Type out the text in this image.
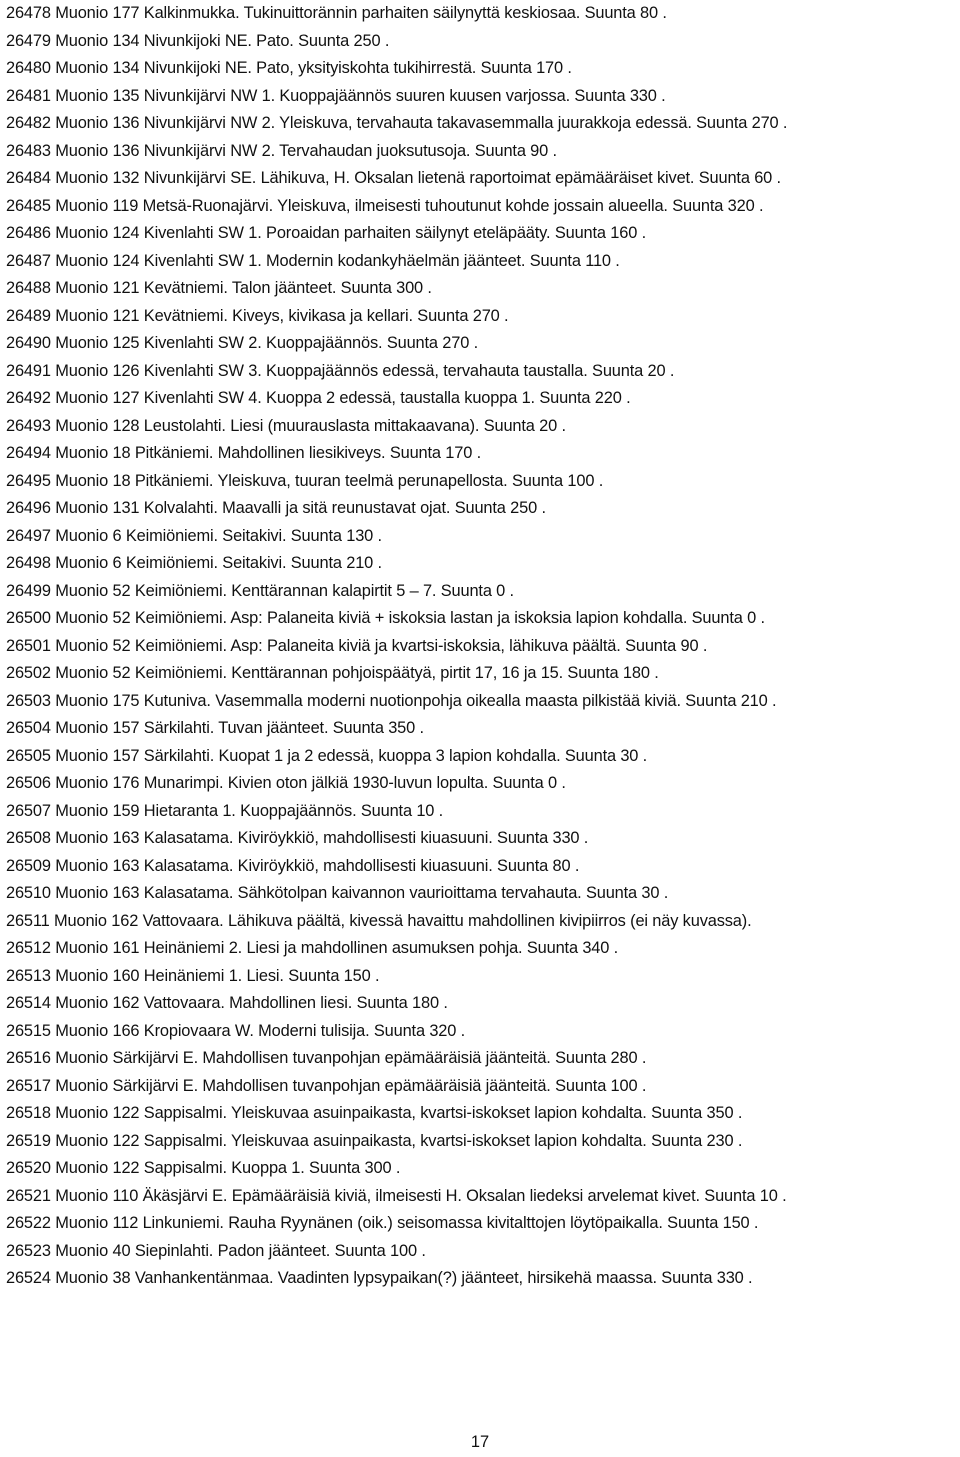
26478 Muonio 177 Kalkinmukka. Tukinuittorännin parhaiten säilynyttä keskiosaa. Suunta 80 .
26479 Muonio 134 Nivunkijoki NE. Pato. Suunta 250 .
26480 Muonio 134 Nivunkijoki NE. Pato, yksityiskohta tukihirrestä. Suunta 170 .
26481 Muonio 135 Nivunkijärvi NW 1. Kuoppajäännös suuren kuusen varjossa. Suunta 330 .
26482 Muonio 136 Nivunkijärvi NW 2. Yleiskuva, tervahauta takavasemmalla juurakkoja edessä. Suunta 270 .
26483 Muonio 136 Nivunkijärvi NW 2. Tervahaudan juoksutusoja. Suunta 90 .
26484 Muonio 132 Nivunkijärvi SE. Lähikuva, H. Oksalan lietenä raportoimat epämääräiset kivet. Suunta 60 .
26485 Muonio 119 Metsä-Ruonajärvi. Yleiskuva, ilmeisesti tuhoutunut kohde jossain alueella. Suunta 320 .
26486 Muonio 124 Kivenlahti SW 1. Poroaidan parhaiten säilynyt eteläpääty. Suunta 160 .
26487 Muonio 124 Kivenlahti SW 1. Modernin kodankyhäelmän jäänteet. Suunta 110 .
26488 Muonio 121 Kevätniemi. Talon jäänteet. Suunta 300 .
26489 Muonio 121 Kevätniemi. Kiveys, kivikasa ja kellari. Suunta 270 .
26490 Muonio 125 Kivenlahti SW 2. Kuoppajäännös. Suunta 270 .
26491 Muonio 126 Kivenlahti SW 3. Kuoppajäännös edessä, tervahauta taustalla. Suunta 20 .
26492 Muonio 127 Kivenlahti SW 4. Kuoppa 2 edessä, taustalla kuoppa 1. Suunta 220 .
26493 Muonio 128 Leustolahti. Liesi (muurauslasta mittakaavana). Suunta 20 .
26494 Muonio 18 Pitkäniemi. Mahdollinen liesikiveys. Suunta 170 .
26495 Muonio 18 Pitkäniemi. Yleiskuva, tuuran teelmä perunapellosta. Suunta 100 .
26496 Muonio 131 Kolvalahti. Maavalli ja sitä reunustavat ojat. Suunta 250 .
26497 Muonio 6 Keimiöniemi. Seitakivi. Suunta 130 .
26498 Muonio 6 Keimiöniemi. Seitakivi. Suunta 210 .
26499 Muonio 52 Keimiöniemi. Kenttärannan kalapirtit 5 – 7. Suunta 0 .
26500 Muonio 52 Keimiöniemi. Asp: Palaneita kiviä + iskoksia lastan ja iskoksia lapion kohdalla. Suunta 0 .
26501 Muonio 52 Keimiöniemi. Asp: Palaneita kiviä ja kvartsi-iskoksia, lähikuva päältä. Suunta 90 .
26502 Muonio 52 Keimiöniemi. Kenttärannan pohjoispäätyä, pirtit 17, 16 ja 15. Suunta 180 .
26503 Muonio 175 Kutuniva. Vasemmalla moderni nuotionpohja oikealla maasta pilkistää kiviä. Suunta 210 .
26504 Muonio 157 Särkilahti. Tuvan jäänteet. Suunta 350 .
26505 Muonio 157 Särkilahti. Kuopat 1 ja 2 edessä, kuoppa 3 lapion kohdalla. Suunta 30 .
26506 Muonio 176 Munarimpi. Kivien oton jälkiä 1930-luvun lopulta. Suunta 0 .
26507 Muonio 159 Hietaranta 1. Kuoppajäännös. Suunta 10 .
26508 Muonio 163 Kalasatama. Kiviröykkiö, mahdollisesti kiuasuuni. Suunta 330 .
26509 Muonio 163 Kalasatama. Kiviröykkiö, mahdollisesti kiuasuuni. Suunta 80 .
26510 Muonio 163 Kalasatama. Sähkötolpan kaivannon vaurioittama tervahauta. Suunta 30 .
26511 Muonio 162 Vattovaara. Lähikuva päältä, kivessä havaittu mahdollinen kivipiirros (ei näy kuvassa).
26512 Muonio 161 Heinäniemi 2. Liesi ja mahdollinen asumuksen pohja. Suunta 340 .
26513 Muonio 160 Heinäniemi 1. Liesi. Suunta 150 .
26514 Muonio 162 Vattovaara. Mahdollinen liesi. Suunta 180 .
26515 Muonio 166 Kropiovaara W. Moderni tulisija. Suunta 320 .
26516 Muonio Särkijärvi E. Mahdollisen tuvanpohjan epämääräisiä jäänteitä. Suunta 280 .
26517 Muonio Särkijärvi E. Mahdollisen tuvanpohjan epämääräisiä jäänteitä. Suunta 100 .
26518 Muonio 122 Sappisalmi. Yleiskuvaa asuinpaikasta, kvartsi-iskokset lapion kohdalta. Suunta 350 .
26519 Muonio 122 Sappisalmi. Yleiskuvaa asuinpaikasta, kvartsi-iskokset lapion kohdalta. Suunta 230 .
26520 Muonio 122 Sappisalmi. Kuoppa 1. Suunta 300 .
26521 Muonio 110 Äkäsjärvi E. Epämääräisiä kiviä, ilmeisesti H. Oksalan liedeksi arvelemat kivet. Suunta 10 .
26522 Muonio 112 Linkuniemi. Rauha Ryynänen (oik.) seisomassa kivitalttojen löytöpaikalla. Suunta 150 .
26523 Muonio 40 Siepinlahti. Padon jäänteet. Suunta 100 .
26524 Muonio 38 Vanhankentänmaa. Vaadinten lypsypaikan(?) jäänteet, hirsikehä maassa. Suunta 330 .
17
